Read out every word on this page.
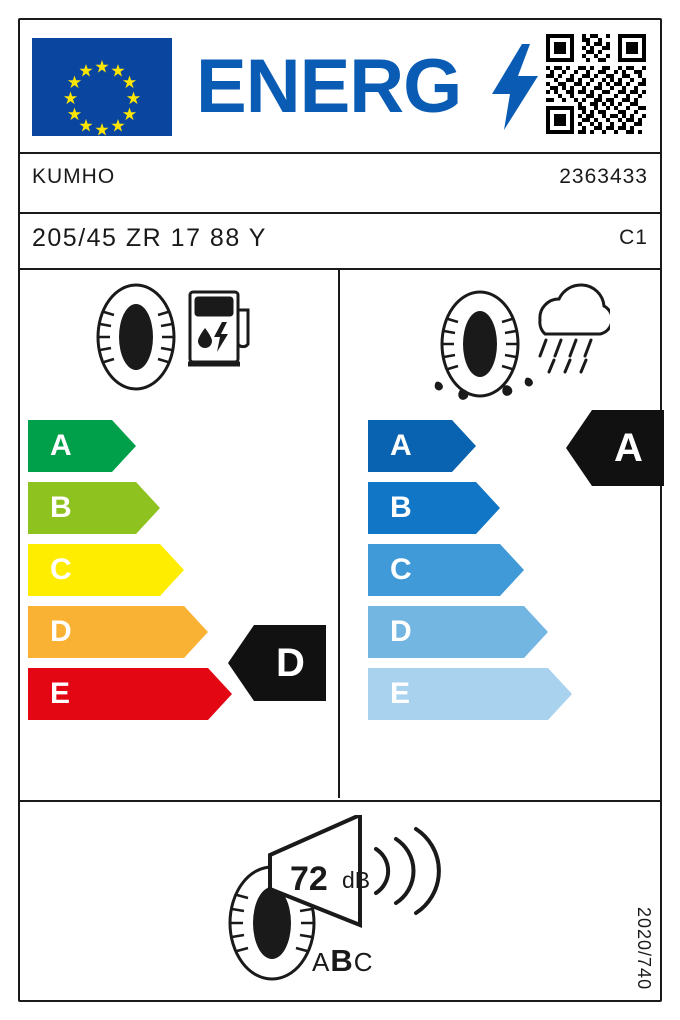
ENERG
KUMHO	2363433
205/45 ZR 17 88 Y	C1
A
B
C
D
E
A
B
C
D
E
D
A
72 dB
ABC	2020/740
